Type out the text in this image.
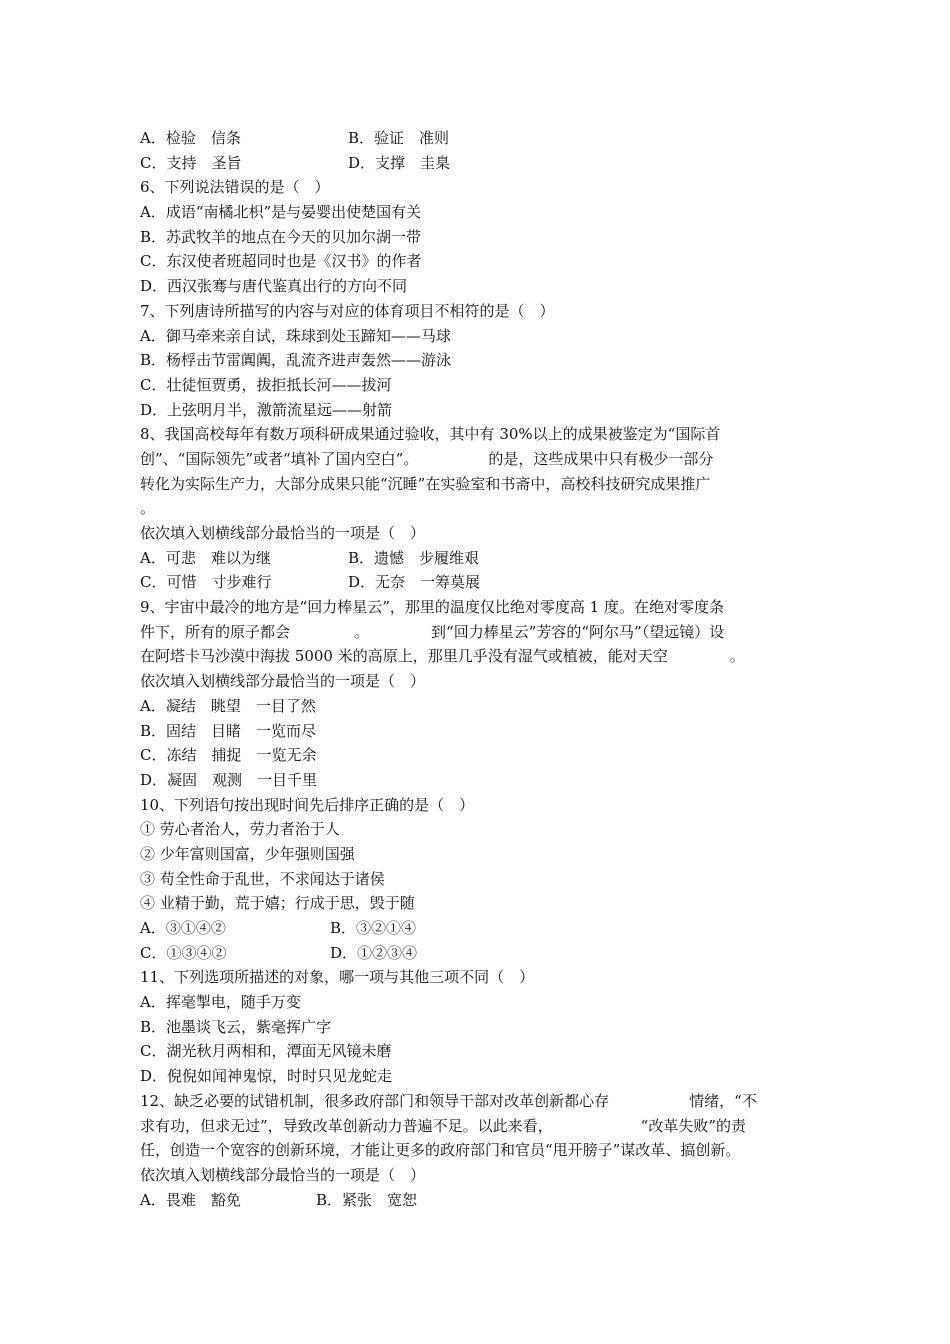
A．检验　信条	B．验证　准则
C．支持　圣旨	D．支撑　圭臬
6、下列说法错误的是（　）
A．成语“南橘北枳”是与晏婴出使楚国有关
B．苏武牧羊的地点在今天的贝加尔湖一带
C．东汉使者班超同时也是《汉书》的作者
D．西汉张骞与唐代鉴真出行的方向不同
7、下列唐诗所描写的内容与对应的体育项目不相符的是（　）
A．御马牵来亲自试，珠球到处玉蹄知——马球
B．杨桴击节雷阗阗，乱流齐进声轰然——游泳
C．壮徒恒贾勇，拔拒抵长河——拔河
D．上弦明月半，激箭流星远——射箭
8、我国高校每年有数万项科研成果通过验收，其中有 30%以上的成果被鉴定为“国际首
创”、“国际领先”或者“填补了国内空白”。	的是，这些成果中只有极少一部分
转化为实际生产力，大部分成果只能“沉睡”在实验室和书斋中，高校科技研究成果推广
。
依次填入划横线部分最恰当的一项是（　）
A．可悲　难以为继	B．遗憾　步履维艰
C．可惜　寸步难行	D．无奈　一筹莫展
9、宇宙中最冷的地方是“回力棒星云”，那里的温度仅比绝对零度高 1 度。在绝对零度条
件下，所有的原子都会	。	到“回力棒星云”芳容的“阿尔马”（望远镜）设
在阿塔卡马沙漠中海拔 5000 米的高原上，那里几乎没有湿气或植被，能对天空	。
依次填入划横线部分最恰当的一项是（　）
A．凝结　眺望　一目了然
B．固结　目睹　一览而尽
C．冻结　捕捉　一览无余
D．凝固　观测　一目千里
10、下列语句按出现时间先后排序正确的是（　）
① 劳心者治人，劳力者治于人
② 少年富则国富，少年强则国强
③ 苟全性命于乱世，不求闻达于诸侯
④ 业精于勤，荒于嬉；行成于思，毁于随
A．③①④②	B．③②①④
C．①③④②	D．①②③④
11、下列选项所描述的对象，哪一项与其他三项不同（　）
A．挥毫掣电，随手万变
B．池墨谈飞云，紫毫挥广字
C．湖光秋月两相和，潭面无风镜未磨
D．倪倪如闻神鬼惊，时时只见龙蛇走
12、缺乏必要的试错机制，很多政府部门和领导干部对改革创新都心存	情绪，“不
求有功，但求无过”，导致改革创新动力普遍不足。以此来看，	“改革失败”的责
任，创造一个宽容的创新环境，才能让更多的政府部门和官员“甩开膀子”谋改革、搞创新。
依次填入划横线部分最恰当的一项是（　）
A．畏难　豁免	B．紧张　宽恕
